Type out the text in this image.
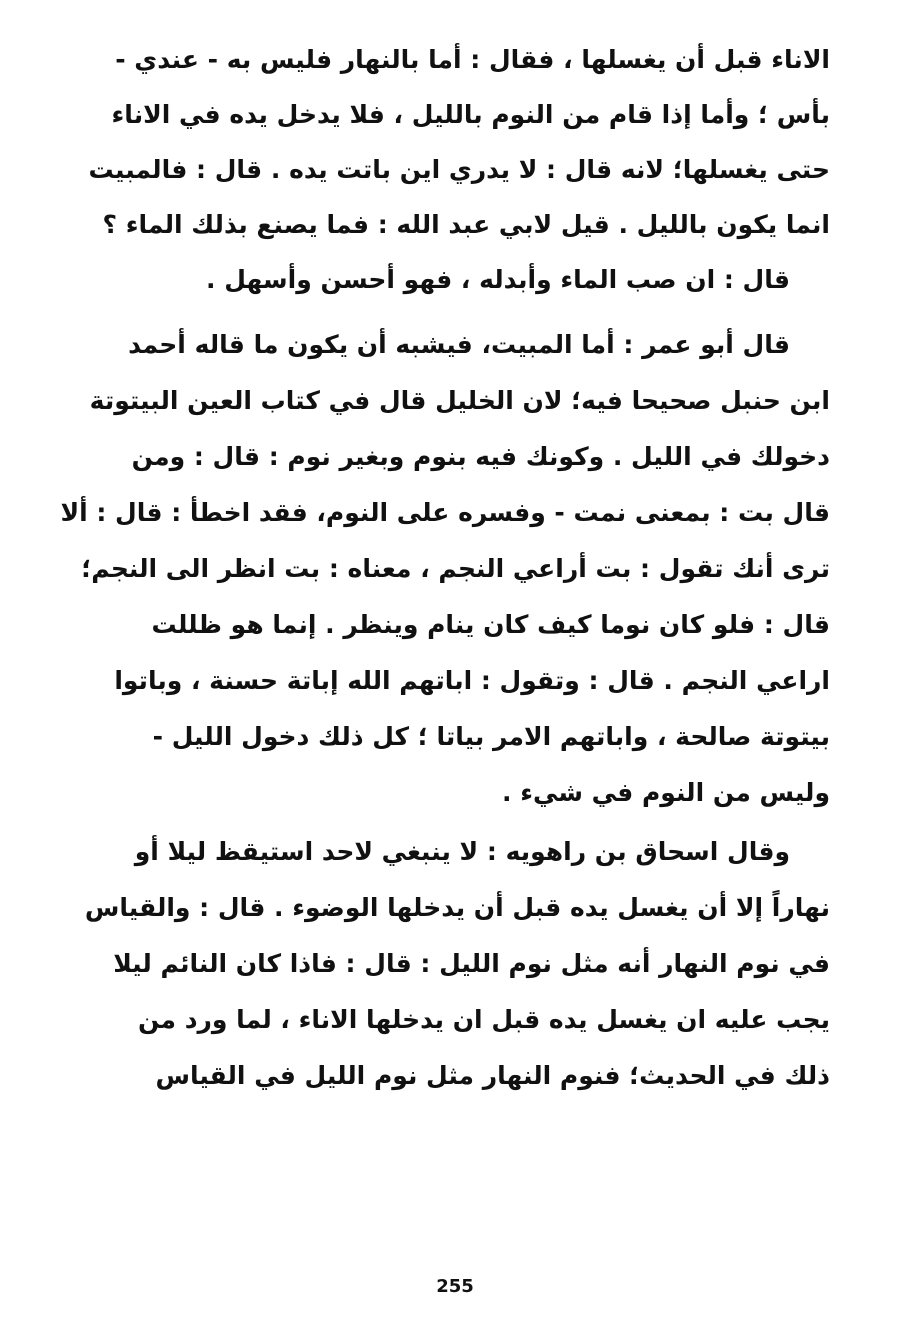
الاناء قبل أن يغسلها ، فقال : أما بالنهار فليس به - عندي -
بأس ؛ وأما إذا قام من النوم بالليل ، فلا يدخل يده في الاناء
حتى يغسلها؛ لانه قال : لا يدري اين باتت يده . قال : فالمبيت
انما يكون بالليل . قيل لابي عبد الله : فما يصنع بذلك الماء ؟
قال : ان صب الماء وأبدله ، فهو أحسن وأسهل .
قال أبو عمر : أما المبيت، فيشبه أن يكون ما قاله أحمد
ابن حنبل صحيحا فيه؛ لان الخليل قال في كتاب العين البيتوتة
دخولك في الليل . وكونك فيه بنوم وبغير نوم : قال : ومن
قال بت : بمعنى نمت - وفسره على النوم، فقد اخطأ : قال : ألا
ترى أنك تقول : بت أراعي النجم ، معناه : بت انظر الى النجم؛
قال : فلو كان نوما كيف كان ينام وينظر . إنما هو ظللت
اراعي النجم . قال : وتقول : اباتهم الله إباتة حسنة ، وباتوا
بيتوتة صالحة ، واباتهم الامر بياتا ؛ كل ذلك دخول الليل -
وليس من النوم في شيء .
وقال اسحاق بن راهويه : لا ينبغي لاحد استيقظ ليلا أو
نهاراً إلا أن يغسل يده قبل أن يدخلها الوضوء . قال : والقياس
في نوم النهار أنه مثل نوم الليل : قال : فاذا كان النائم ليلا
يجب عليه ان يغسل يده قبل ان يدخلها الاناء ، لما ورد من
ذلك في الحديث؛ فنوم النهار مثل نوم الليل في القياس
255
